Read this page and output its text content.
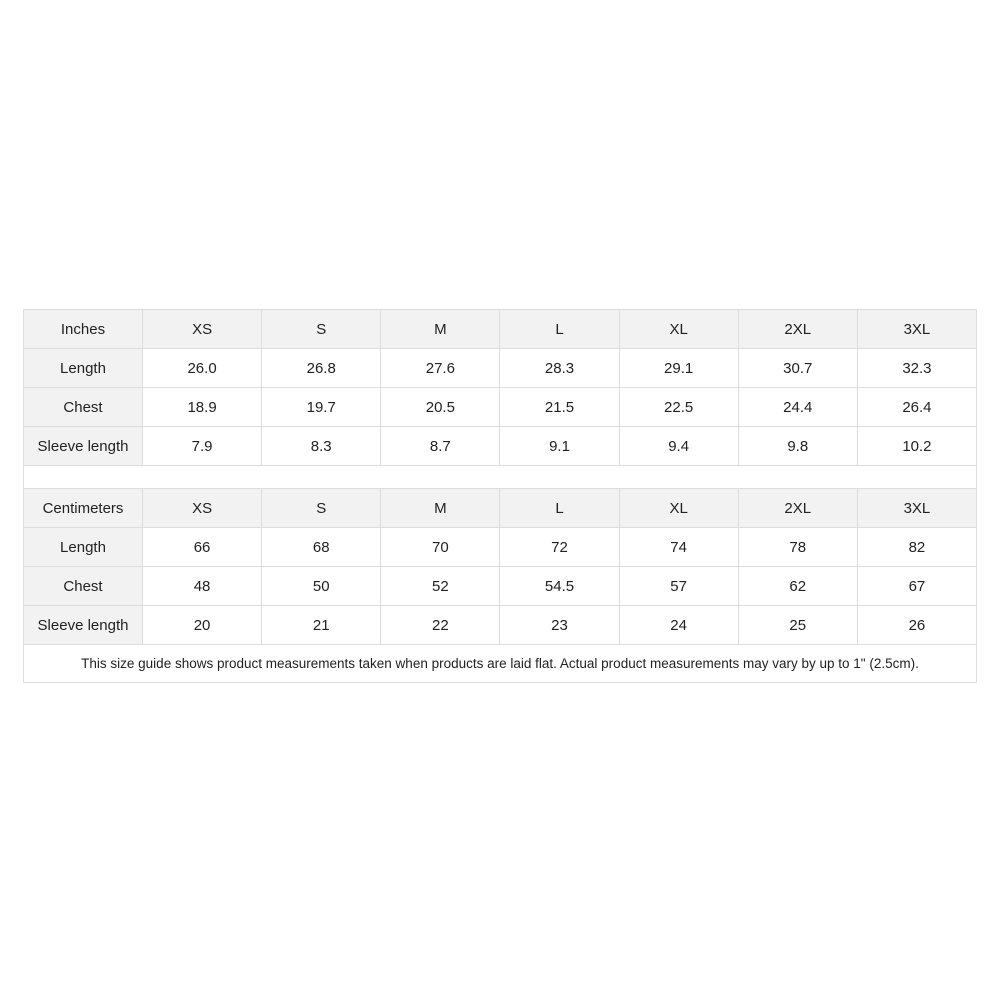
Inches	XS	S	M	L	XL	2XL	3XL
Length	26.0	26.8	27.6	28.3	29.1	30.7	32.3
Chest	18.9	19.7	20.5	21.5	22.5	24.4	26.4
Sleeve length	7.9	8.3	8.7	9.1	9.4	9.8	10.2

Centimeters	XS	S	M	L	XL	2XL	3XL
Length	66	68	70	72	74	78	82
Chest	48	50	52	54.5	57	62	67
Sleeve length	20	21	22	23	24	25	26
This size guide shows product measurements taken when products are laid flat. Actual product measurements may vary by up to 1" (2.5cm).							
